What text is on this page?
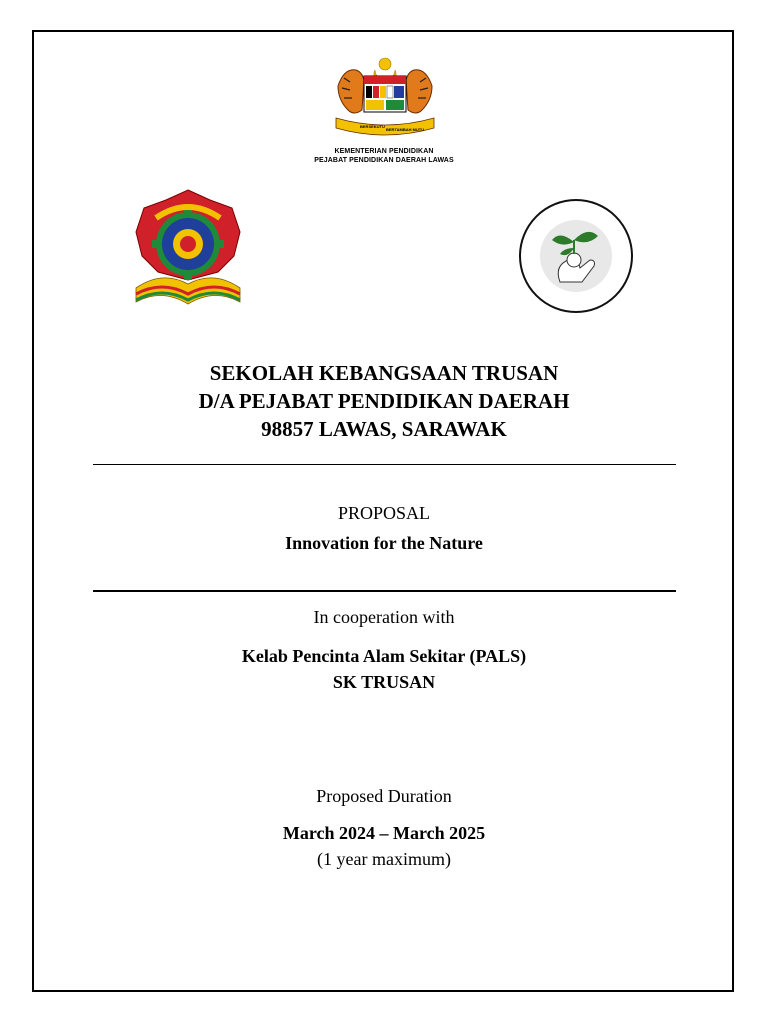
BERSEKUTU
BERTAMBAH MUTU
KEMENTERIAN PENDIDIKAN
PEJABAT PENDIDIKAN DAERAH LAWAS
SEKOLAH KEBANGSAAN TRUSAN
D/A PEJABAT PENDIDIKAN DAERAH
98857 LAWAS, SARAWAK
PROPOSAL
Innovation for the Nature
In cooperation with
Kelab Pencinta Alam Sekitar (PALS)
SK TRUSAN
Proposed Duration
March 2024 – March 2025
(1 year maximum)
